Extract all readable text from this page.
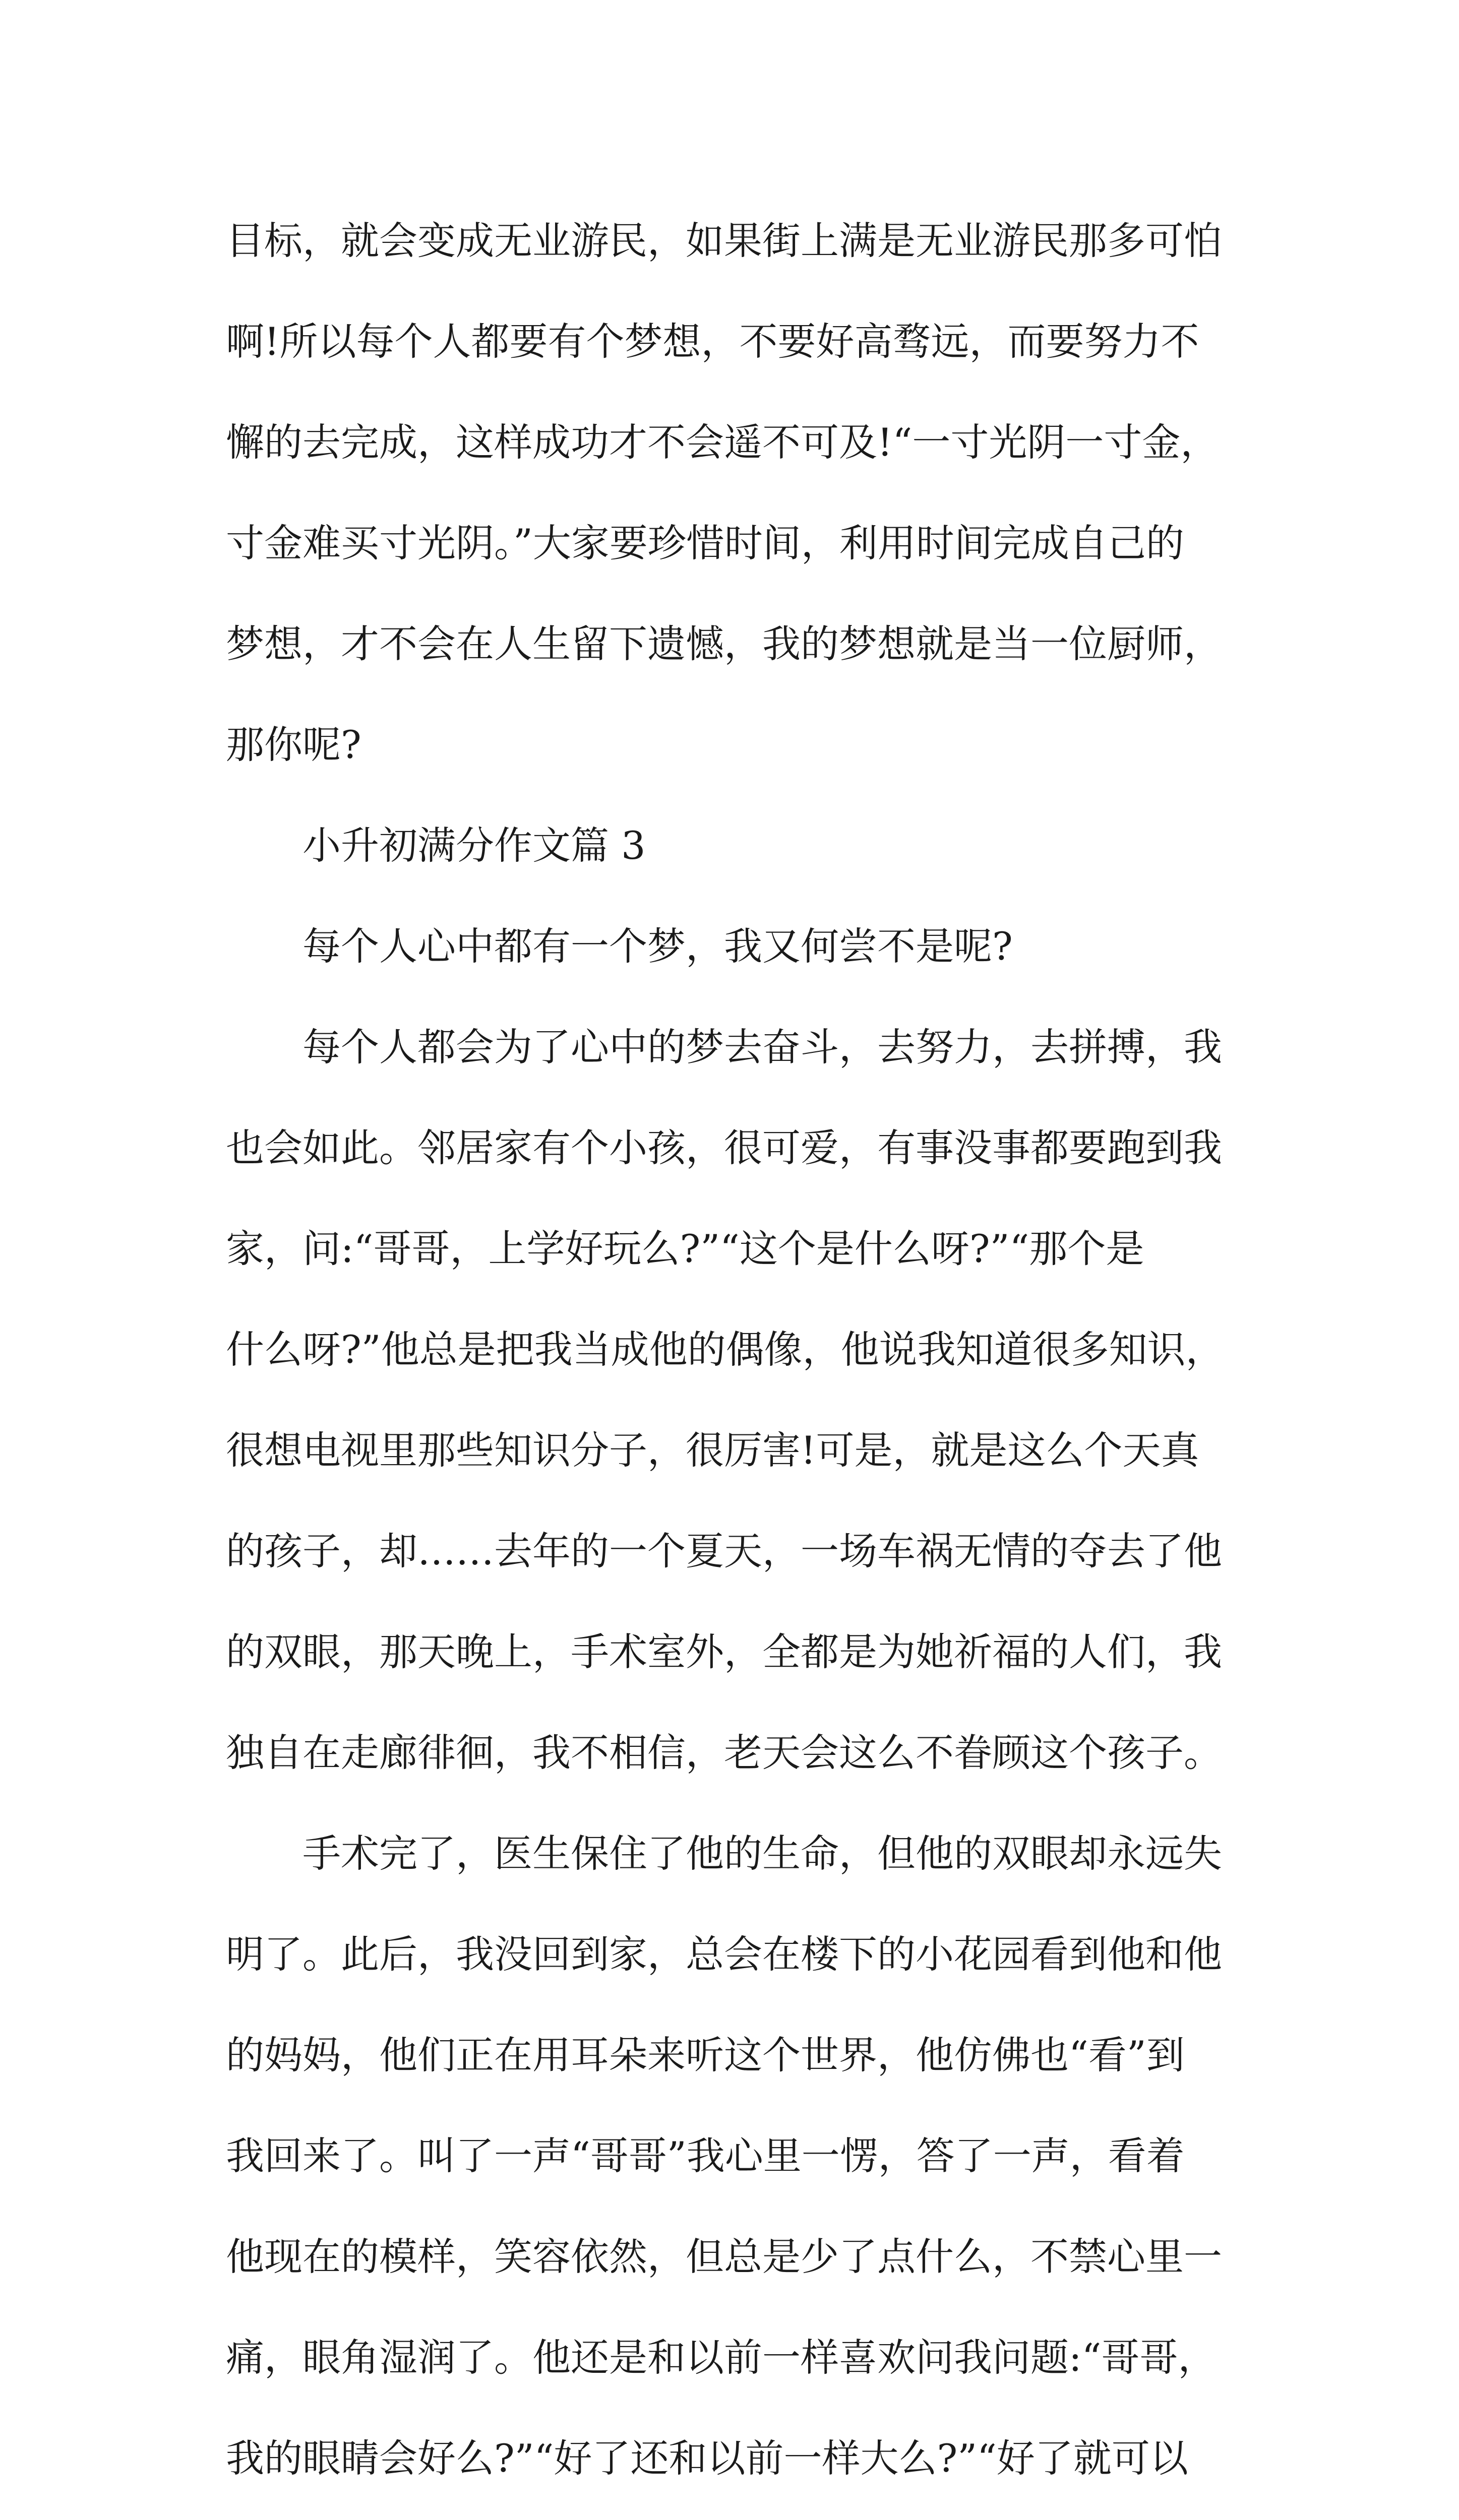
目标，就会变成无业游民，如果街上满是无业游民那多可怕
啊!所以每个人都要有个梦想，不要好高骛远，而要努力不
懈的去完成，这样成功才不会遥不可及!“一寸光阴一寸金，
寸金难买寸光阴。”大家要珍惜时间，利用时间完成自己的
梦想，才不会在人生留下遗憾，我的梦想就是当一位厨师，
那你呢?
小升初满分作文篇 3
每个人心中都有一个梦，我又何尝不是呢?
每个人都会为了心中的梦去奋斗，去努力，去拼搏，我
也会如此。邻居家有个小孩，很可爱，有事没事都要跑到我
家，问:“哥哥，上学好玩么?”“这个是什么呀?”“那个是
什么呀?”他总是把我当成他的偶像，他说我知道很多知识，
很想电视里那些知识分子，很厉害!可是，就是这么个天真
的孩子，却……去年的一个夏天，一场车祸无情的夺去了他
的双眼，那天晚上，手术室外，全都是为她祈福的人们，我
独自在走廊徘徊，我不相信，老天会这么不眷顾这个孩子。
手术完了，医生保住了他的生命，但他的双眼却永远失
明了。此后，我没回到家，总会在楼下的小花园看到他和他
的妈妈，他们正在用耳朵来听这个世界，他仿佛也“看”到
我回来了。叫了一声“哥哥”我心里一愣，答了一声，看着
他现在的模样，笑容依然，但总是少了点什么，不禁心里一
痛，眼角湿润了。他还是和以前一样喜欢问我问题:“哥哥，
我的眼睛会好么?”“好了还和以前一样大么?”“好了就可以
